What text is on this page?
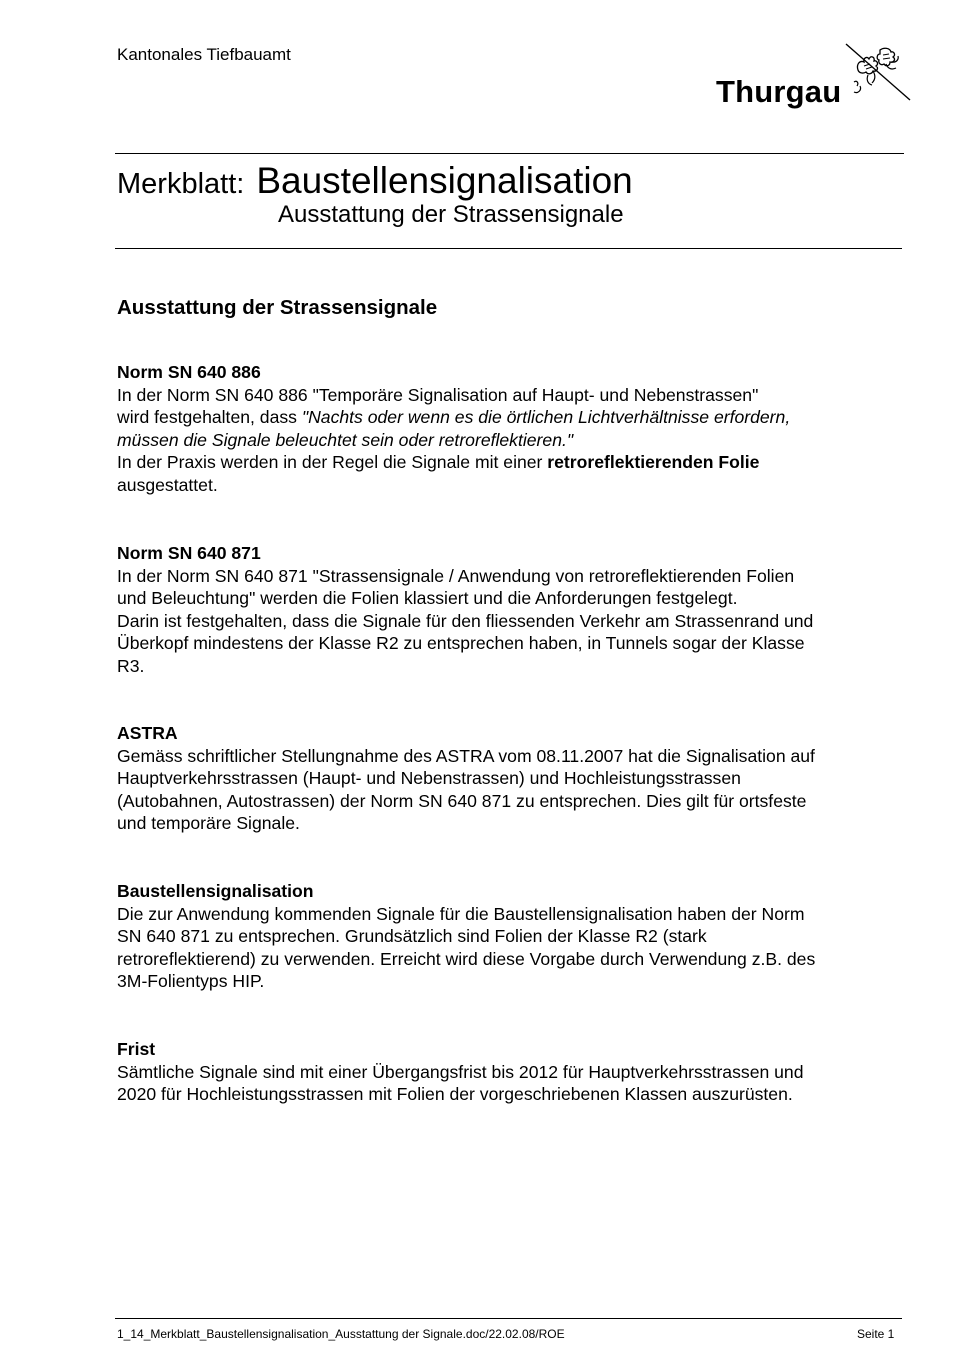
Kantonales Tiefbauamt
Thurgau
Merkblatt: Baustellensignalisation
Ausstattung der Strassensignale
Ausstattung der Strassensignale

Norm SN 640 886

In der Norm SN 640 886 "Temporäre Signalisation auf Haupt- und Nebenstrassen"

wird festgehalten, dass "Nachts oder wenn es die örtlichen Lichtverhältnisse erfordern,

müssen die Signale beleuchtet sein oder retroreflektieren."

In der Praxis werden in der Regel die Signale mit einer retroreflektierenden Folie

ausgestattet.

Norm SN 640 871

In der Norm SN 640 871 "Strassensignale / Anwendung von retroreflektierenden Folien

und Beleuchtung" werden die Folien klassiert und die Anforderungen festgelegt.

Darin ist festgehalten, dass die Signale für den fliessenden Verkehr am Strassenrand und

Überkopf mindestens der Klasse R2 zu entsprechen haben, in Tunnels sogar der Klasse

R3.

ASTRA

Gemäss schriftlicher Stellungnahme des ASTRA vom 08.11.2007 hat die Signalisation auf

Hauptverkehrsstrassen (Haupt- und Nebenstrassen) und Hochleistungsstrassen

(Autobahnen, Autostrassen) der Norm SN 640 871 zu entsprechen. Dies gilt für ortsfeste

und temporäre Signale.

Baustellensignalisation

Die zur Anwendung kommenden Signale für die Baustellensignalisation haben der Norm

SN 640 871 zu entsprechen. Grundsätzlich sind Folien der Klasse R2 (stark

retroreflektierend) zu verwenden. Erreicht wird diese Vorgabe durch Verwendung z.B. des

3M-Folientyps HIP.

Frist

Sämtliche Signale sind mit einer Übergangsfrist bis 2012 für Hauptverkehrsstrassen und

2020 für Hochleistungsstrassen mit Folien der vorgeschriebenen Klassen auszurüsten.

1_14_Merkblatt_Baustellensignalisation_Ausstattung der Signale.doc/22.02.08/ROE	Seite 1
